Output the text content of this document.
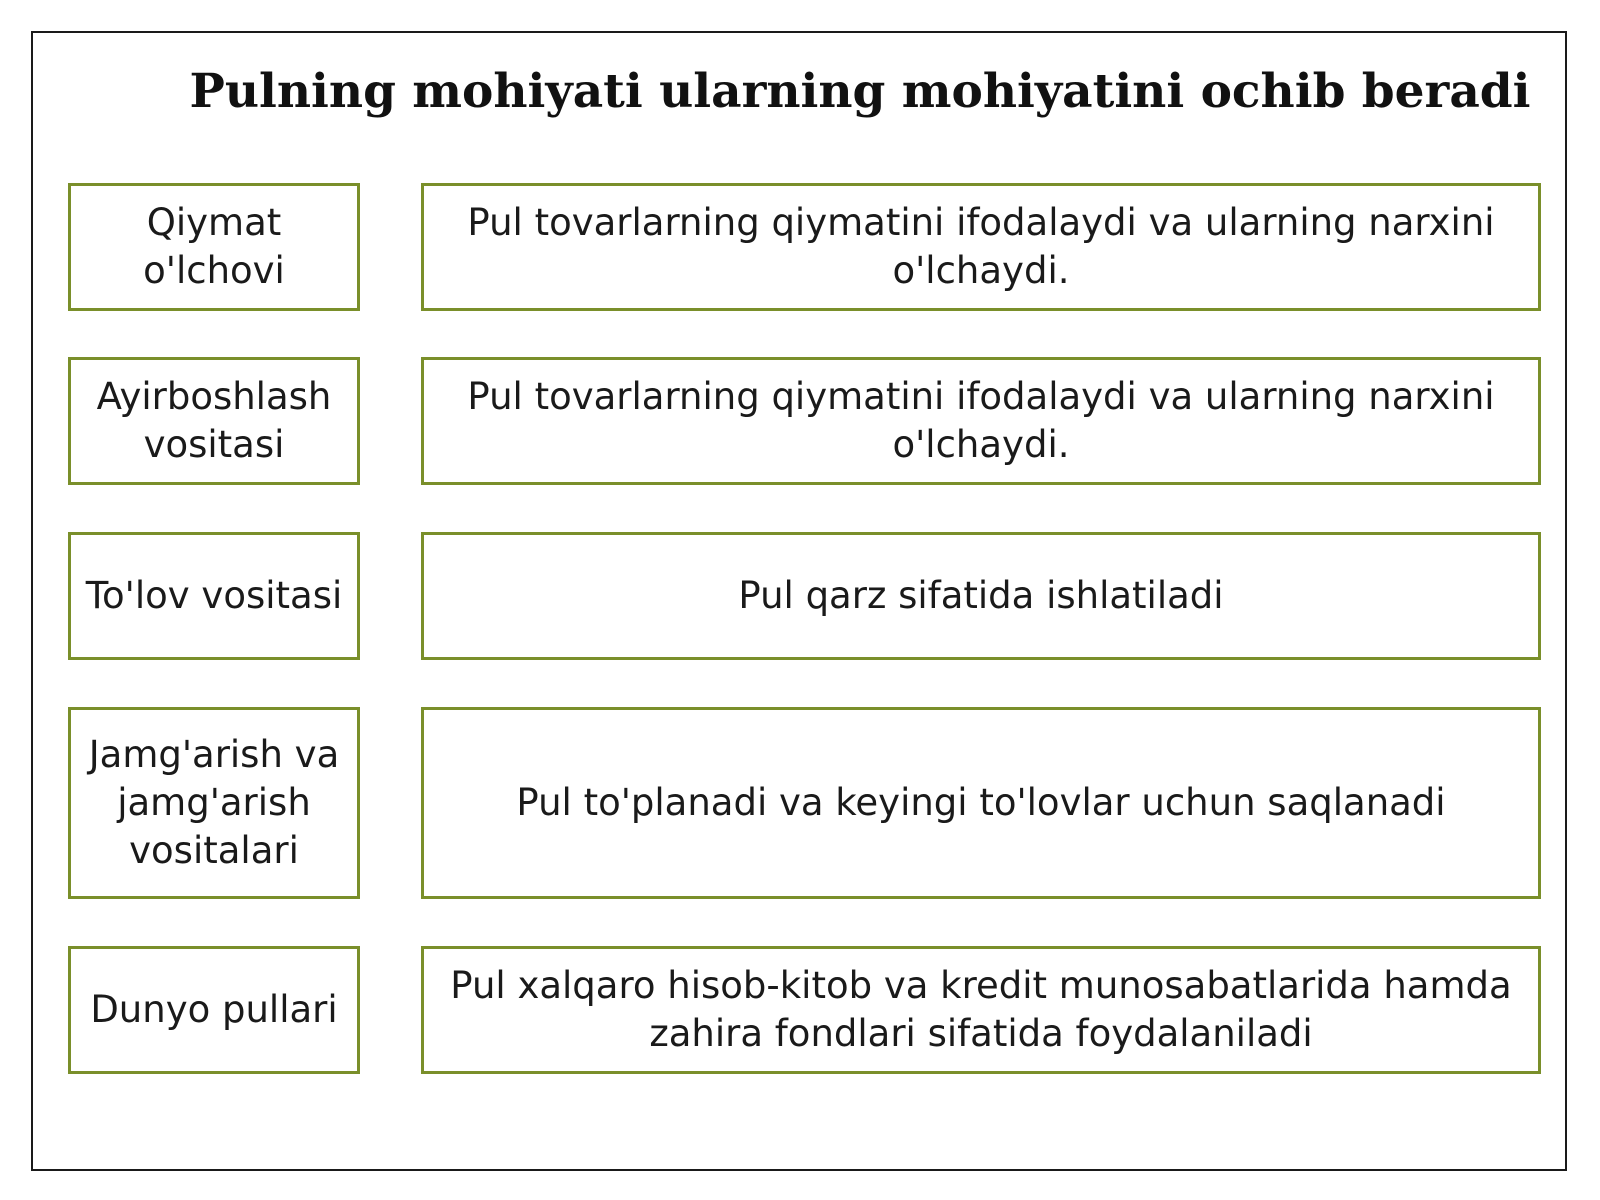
Pulning mohiyati ularning mohiyatini ochib beradi
Qiymat o'lchovi
Pul tovarlarning qiymatini ifodalaydi va ularning narxini o'lchaydi.
Ayirboshlash vositasi
Pul tovarlarning qiymatini ifodalaydi va ularning narxini o'lchaydi.
To'lov vositasi	Pul qarz sifatida ishlatiladi
Jamg'arish va jamg'arish vositalari
Pul to'planadi va keyingi to'lovlar uchun saqlanadi
Dunyo pullari
Pul xalqaro hisob-kitob va kredit munosabatlarida hamda zahira fondlari sifatida foydalaniladi
